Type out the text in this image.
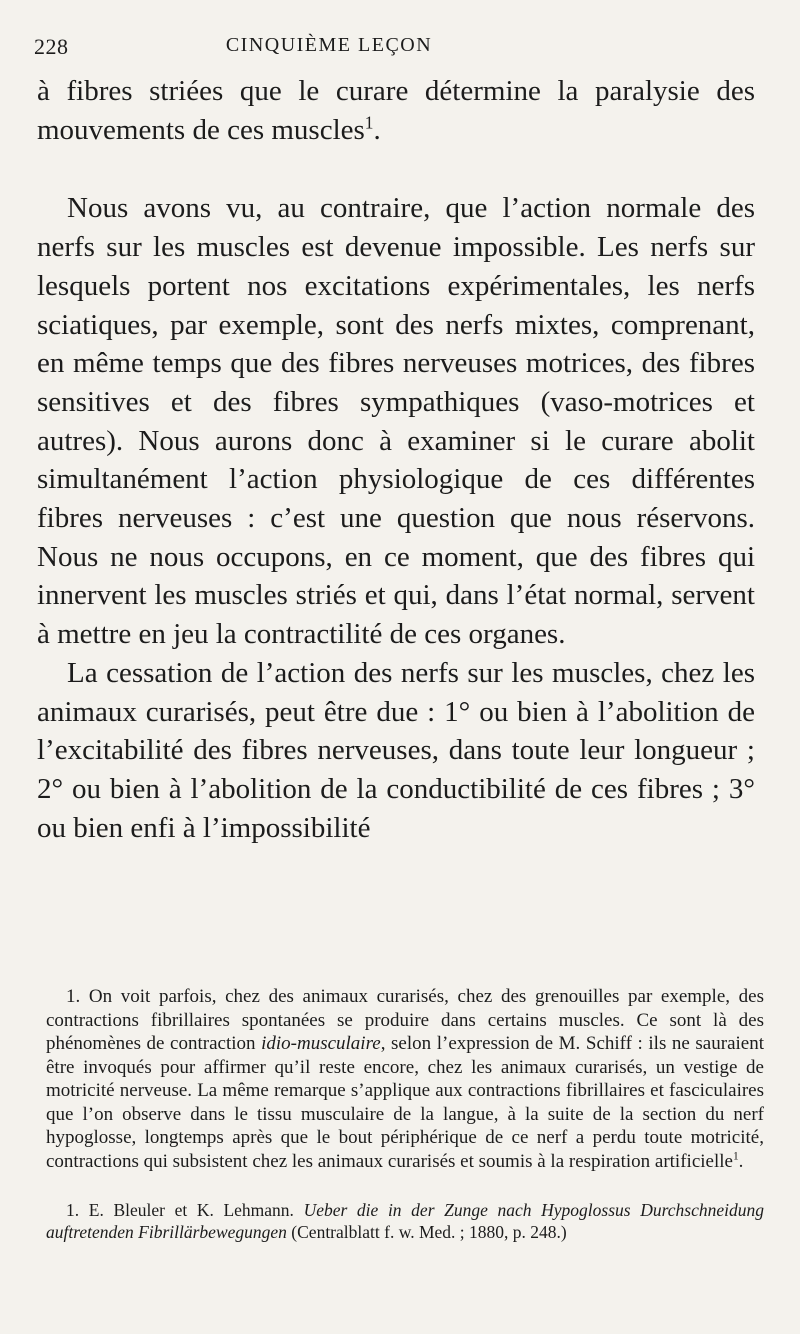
228	CINQUIÈME LEÇON

à fibres striées que le curare détermine la paralysie des mouvements de ces muscles$^1$.

Nous avons vu, au contraire, que l’action normale des nerfs sur les muscles est devenue impossible. Les nerfs sur lesquels portent nos excitations expérimentales, les nerfs sciatiques, par exemple, sont des nerfs mixtes, comprenant, en même temps que des fibres nerveuses motrices, des fibres sensitives et des fibres sympathiques (vaso-motrices et autres). Nous aurons donc à examiner si le curare abolit simultanément l’action physiologique de ces différentes fibres nerveuses : c’est une question que nous réservons. Nous ne nous occupons, en ce moment, que des fibres qui innervent les muscles striés et qui, dans l’état normal, servent à mettre en jeu la contractilité de ces organes.

La cessation de l’action des nerfs sur les muscles, chez les animaux curarisés, peut être due : 1° ou bien à l’abolition de l’excitabilité des fibres nerveuses, dans toute leur longueur ; 2° ou bien à l’abolition de la conductibilité de ces fibres ; 3° ou bien enfi à l’impossibilité

1. On voit parfois, chez des animaux curarisés, chez des grenouilles par exemple, des contractions fibrillaires spontanées se produire dans certains muscles. Ce sont là des phénomènes de contraction idio-musculaire, selon l’expression de M. Schiff : ils ne sauraient être invoqués pour affirmer qu’il reste encore, chez les animaux curarisés, un vestige de motricité nerveuse. La même remarque s’applique aux contractions fibrillaires et fasciculaires que l’on observe dans le tissu musculaire de la langue, à la suite de la section du nerf hypoglosse, longtemps après que le bout périphérique de ce nerf a perdu toute motricité, contractions qui subsistent chez les animaux curarisés et soumis à la respiration artificielle$^1$.

1. E. Bleuler et K. Lehmann. Ueber die in der Zunge nach Hypoglossus Durchschneidung auftretenden Fibrillärbewegungen (Centralblatt f. w. Med. ; 1880, p. 248.)
